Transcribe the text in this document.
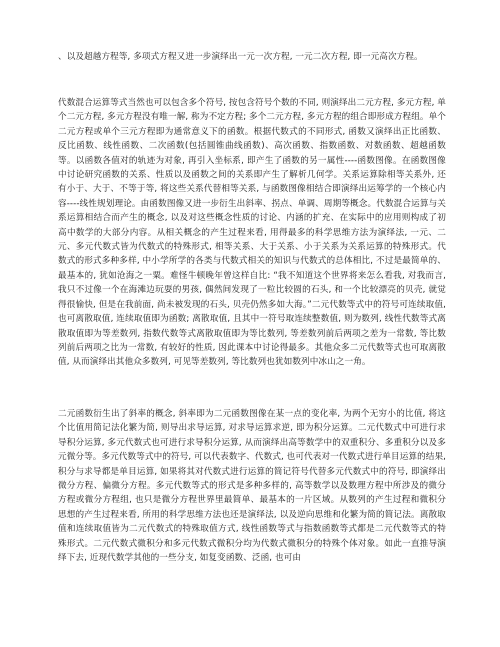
、以及超越方程等, 多项式方程又进一步演绎出一元一次方程, 一元二次方程, 即一元高次方程。

代数混合运算等式当然也可以包含多个符号, 按包含符号个数的不同, 则演绎出二元方程, 多元方程, 单个二元方程, 多元方程没有唯一解, 称为不定方程; 多个二元方程, 多元方程的组合即形成方程组。单个二元方程或单个三元方程即为通常意义下的函数。根据代数式的不同形式, 函数又演绎出正比函数、反比函数、线性函数、二次函数(包括圆锥曲线函数)、高次函数、指数函数、对数函数、超越函数等。以函数各值对的轨迹为对象, 再引入坐标系, 即产生了函数的另一属性----函数图像。在函数图像中讨论研究函数的关系、性质以及函数之间的关系即产生了解析几何学。关系运算除相等关系外, 还有小于、大于、不等于等, 将这些关系代替相等关系, 与函数图像相结合即演绎出运筹学的一个核心内容----线性规划理论。由函数图像又进一步衍生出斜率、拐点、单调、周期等概念。代数混合运算与关系运算相结合而产生的概念, 以及对这些概念性质的讨论、内涵的扩充、在实际中的应用则构成了初高中数学的大部分内容。从相关概念的产生过程来看, 用得最多的科学思维方法为演绎法, 一元、二元、多元代数式皆为代数式的特殊形式, 相等关系、大于关系、小于关系为关系运算的特殊形式。代数式的形式多种多样, 中小学所学的各类与代数式相关的知识与代数式的总体相比, 不过是最简单的、最基本的, 犹如沧海之一粟。难怪牛顿晚年曾这样自比: “我不知道这个世界将来怎么看我, 对我而言, 我只不过像一个在海滩边玩耍的男孩, 偶然间发现了一粒比较圆的石头, 和一个比较漂亮的贝壳, 就觉得很愉快, 但是在我前面, 尚未被发现的石头, 贝壳仍然多如大海。”二元代数等式中的符号可连续取值, 也可离散取值, 连续取值即为函数; 离散取值, 且其中一符号取连续整数值, 则为数列, 线性代数等式离散取值即为等差数列, 指数代数等式离散取值即为等比数列, 等差数列前后两项之差为一常数, 等比数列前后两项之比为一常数, 有较好的性质, 因此课本中讨论得最多。其他众多二元代数等式也可取离散值, 从而演绎出其他众多数列, 可见等差数列, 等比数列也犹如数列中冰山之一角。

二元函数衍生出了斜率的概念, 斜率即为二元函数图像在某一点的变化率, 为两个无穷小的比值, 将这个比值用简记法化繁为简, 则导出求导运算, 对求导运算求逆, 即为积分运算。二元代数式中可进行求导积分运算, 多元代数式也可进行求导积分运算, 从而演绎出高等数学中的双重积分、多重积分以及多元微分等。多元代数等式中的符号, 可以代表数字、代数式, 也可代表对一代数式进行单目运算的结果, 积分与求导都是单目运算, 如果将其对代数式进行运算的简记符号代替多元代数式中的符号, 即演绎出微分方程、偏微分方程。多元代数等式的形式是多种多样的, 高等数学以及数理方程中所涉及的微分方程或微分方程组, 也只是微分方程世界里最简单、最基本的一片区域。从数列的产生过程和微积分思想的产生过程来看, 所用的科学思维方法也还是演绎法, 以及逆向思维和化繁为简的简记法。离散取值和连续取值皆为二元代数式的特殊取值方式, 线性函数等式与指数函数等式都是二元代数等式的特殊形式。二元代数式微积分和多元代数式微积分均为代数式微积分的特殊个体对象。如此一直推导演绎下去, 近现代数学其他的一些分支, 如复变函数、泛函, 也可由
